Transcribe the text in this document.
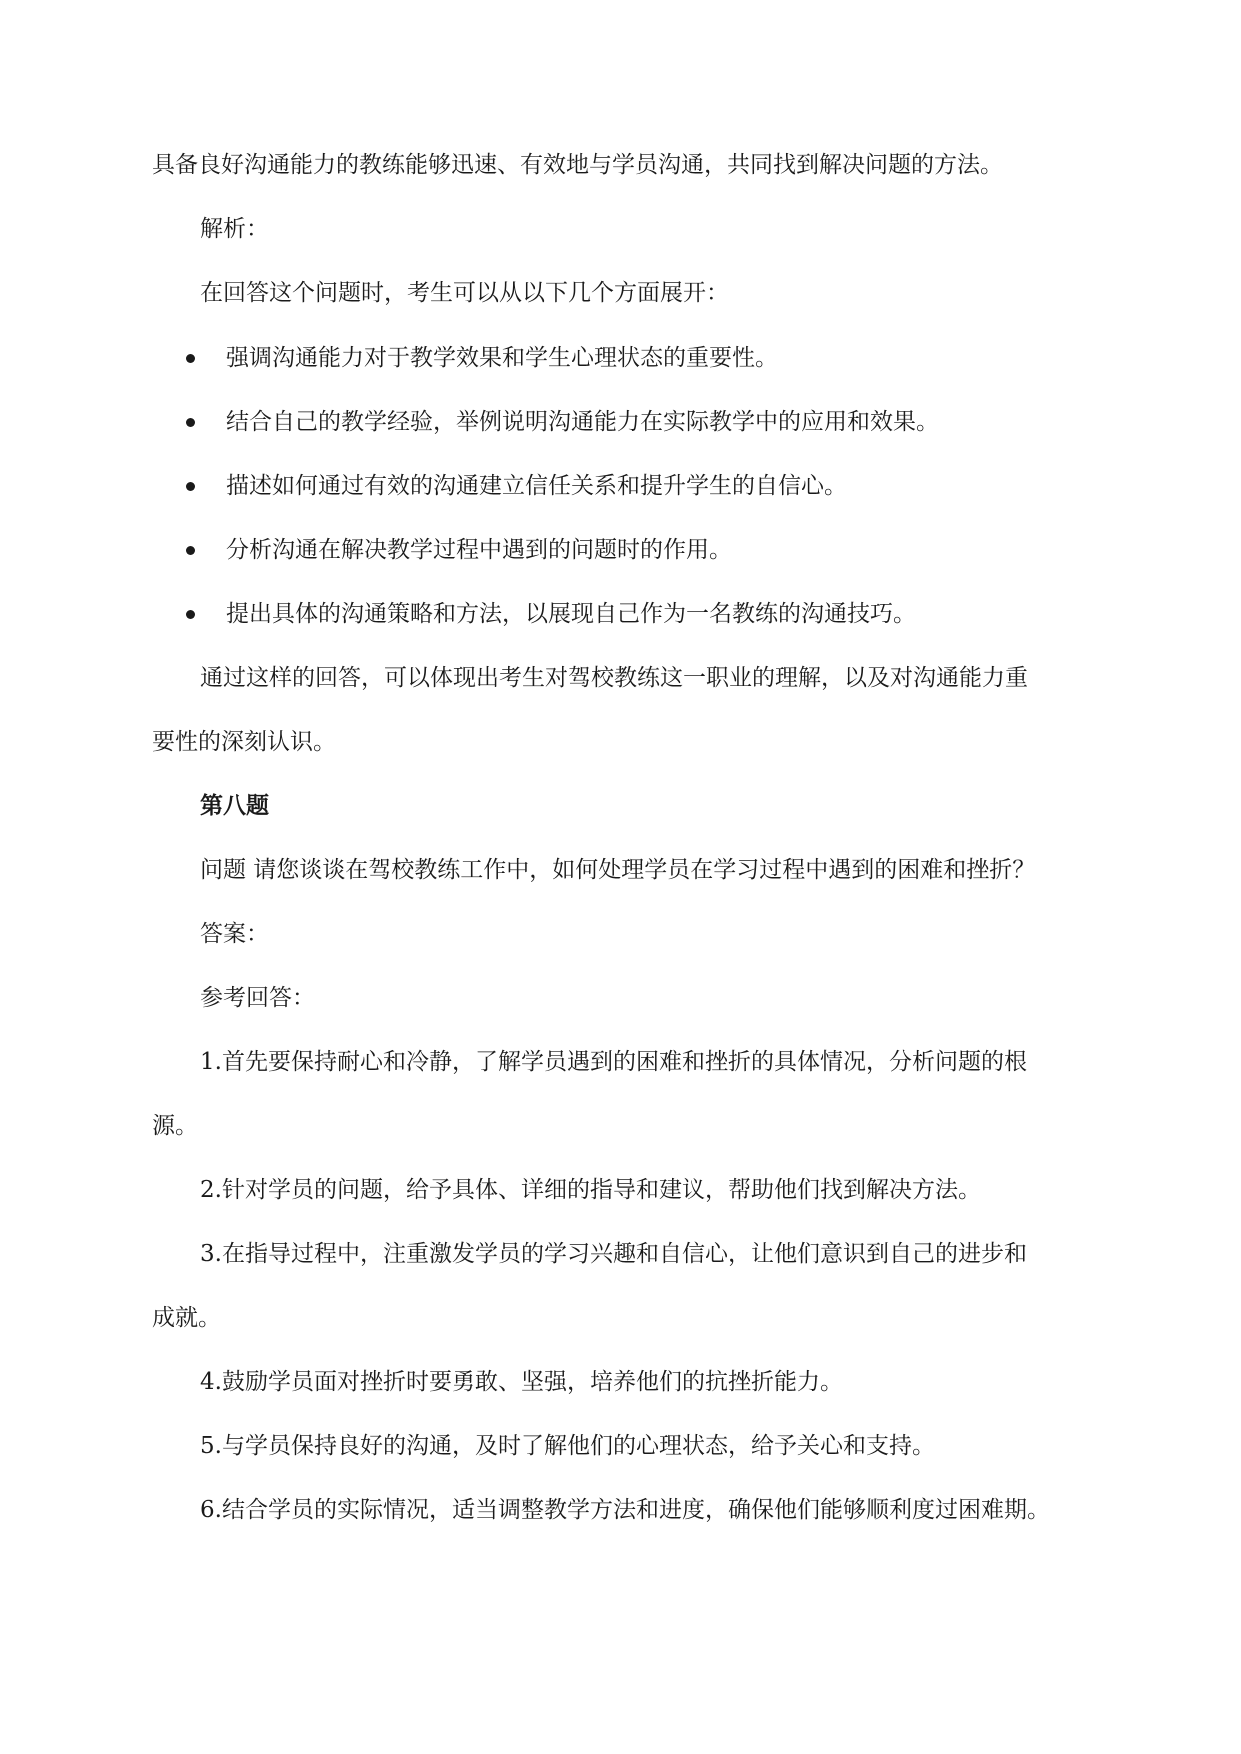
具备良好沟通能力的教练能够迅速、有效地与学员沟通，共同找到解决问题的方法。
解析：
在回答这个问题时，考生可以从以下几个方面展开：
强调沟通能力对于教学效果和学生心理状态的重要性。
结合自己的教学经验，举例说明沟通能力在实际教学中的应用和效果。
描述如何通过有效的沟通建立信任关系和提升学生的自信心。
分析沟通在解决教学过程中遇到的问题时的作用。
提出具体的沟通策略和方法，以展现自己作为一名教练的沟通技巧。
通过这样的回答，可以体现出考生对驾校教练这一职业的理解，以及对沟通能力重
要性的深刻认识。
第八题
问题 请您谈谈在驾校教练工作中，如何处理学员在学习过程中遇到的困难和挫折？
答案：
参考回答：
1.首先要保持耐心和冷静，了解学员遇到的困难和挫折的具体情况，分析问题的根
源。
2.针对学员的问题，给予具体、详细的指导和建议，帮助他们找到解决方法。
3.在指导过程中，注重激发学员的学习兴趣和自信心，让他们意识到自己的进步和
成就。
4.鼓励学员面对挫折时要勇敢、坚强，培养他们的抗挫折能力。
5.与学员保持良好的沟通，及时了解他们的心理状态，给予关心和支持。
6.结合学员的实际情况，适当调整教学方法和进度，确保他们能够顺利度过困难期。
